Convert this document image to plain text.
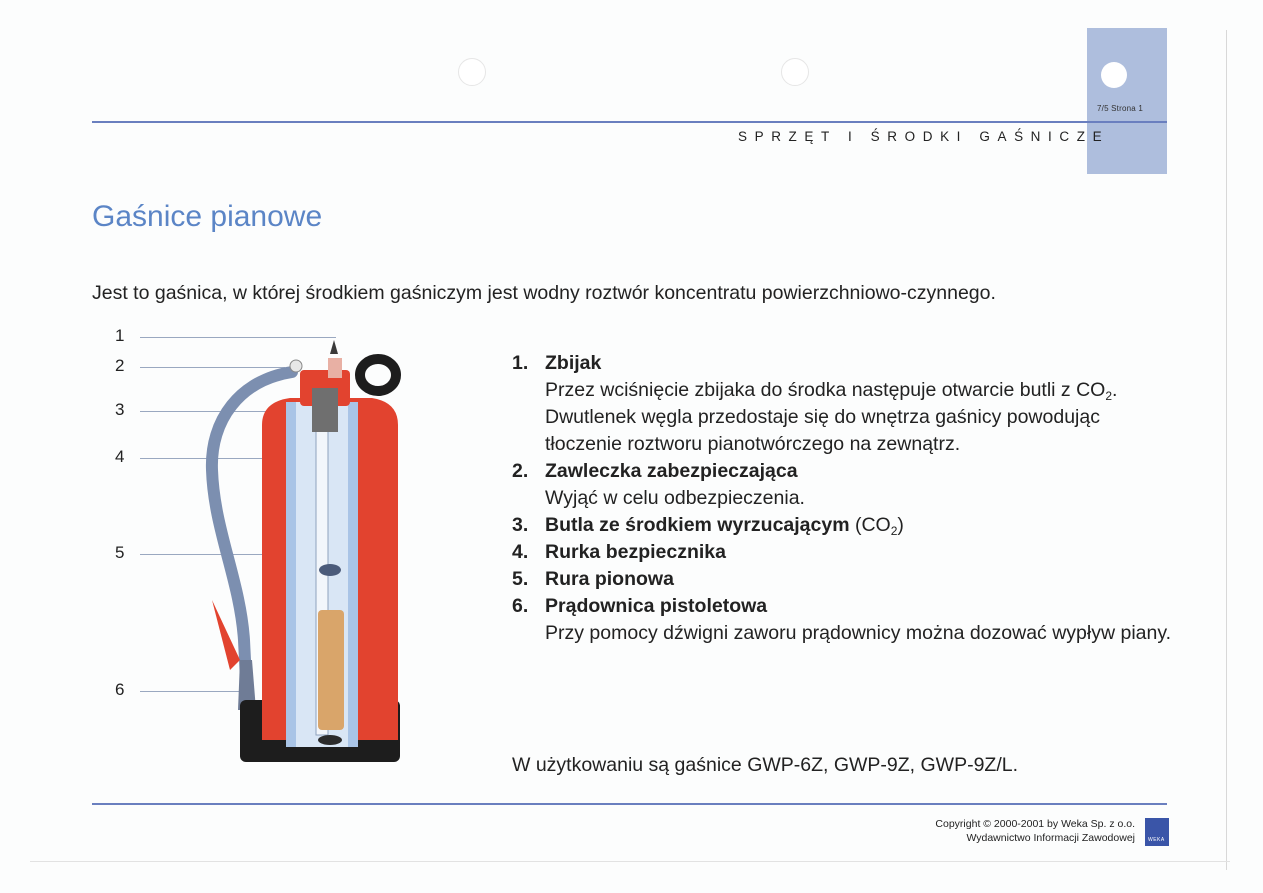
7/5 Strona 1
SPRZĘT I ŚRODKI GAŚNICZE
Gaśnice pianowe
Jest to gaśnica, w której środkiem gaśniczym jest wodny roztwór koncentratu powierzchniowo-czynnego.
1
2
3
4
5
6
1. Zbijak
Przez wciśnięcie zbijaka do środka następuje otwarcie butli z $CO_2$. Dwutlenek węgla przedostaje się do wnętrza gaśnicy powodując tłoczenie roztworu pianotwórczego na zewnątrz.
2. Zawleczka zabezpieczająca
Wyjąć w celu odbezpieczenia.
3. Butla ze środkiem wyrzucającym $(CO_2)$
4. Rurka bezpiecznika
5. Rura pionowa
6. Prądownica pistoletowa
Przy pomocy dźwigni zaworu prądownicy można dozować wypływ piany.
W użytkowaniu są gaśnice GWP-6Z, GWP-9Z, GWP-9Z/L.
Copyright © 2000-2001 by Weka Sp. z o.o.
Wydawnictwo Informacji Zawodowej	WEKA
